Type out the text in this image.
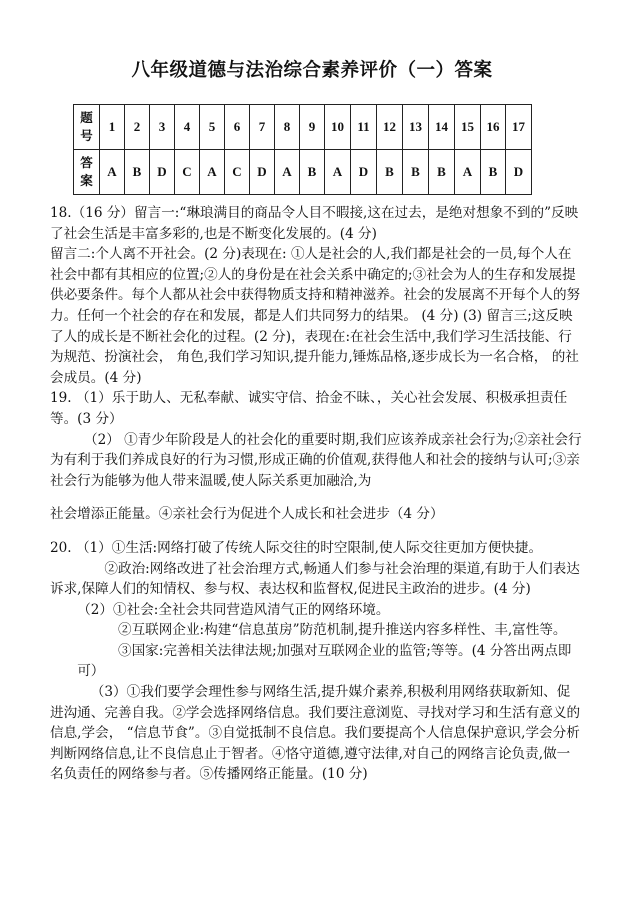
八年级道德与法治综合素养评价（一）答案
题号	1	2	3	4	5	6	7	8	9	10	11	12	13	14	15	16	17
答案	A	B	D	C	A	C	D	A	B	A	D	B	B	B	A	B	D

18.（16 分）留言一:“琳琅满目的商品令人目不暇接,这在过去，是绝对想象不到的”反映了社会生活是丰富多彩的,也是不断变化发展的。(4 分)

留言二:个人离不开社会。(2 分)表现在: ①人是社会的人,我们都是社会的一员,每个人在社会中都有其相应的位置;②人的身份是在社会关系中确定的;③社会为人的生存和发展提供必要条件。每个人都从社会中获得物质支持和精神滋养。社会的发展离不开每个人的努力。任何一个社会的存在和发展，都是人们共同努力的结果。 (4 分) (3) 留言三;这反映了人的成长是不断社会化的过程。(2 分)，表现在:在社会生活中,我们学习生活技能、行为规范、扮演社会， 角色,我们学习知识,提升能力,锤炼品格,逐步成长为一名合格， 的社会成员。(4 分)

19. （1）乐于助人、无私奉献、诚实守信、拾金不昧、，关心社会发展、积极承担责任等。(3 分）

（2） ①青少年阶段是人的社会化的重要时期,我们应该养成亲社会行为;②亲社会行为有利于我们养成良好的行为习惯,形成正确的价值观,获得他人和社会的接纳与认可;③亲社会行为能够为他人带来温暖,使人际关系更加融洽,为

社会增添正能量。④亲社会行为促进个人成长和社会进步（4 分）

20. （1）①生活:网络打破了传统人际交往的时空限制,使人际交往更加方便快捷。

②政治:网络改进了社会治理方式,畅通人们参与社会治理的渠道,有助于人们表达诉求,保障人们的知情权、参与权、表达权和监督权,促进民主政治的进步。(4 分)

（2）①社会:全社会共同营造风清气正的网络环境。

②互联网企业:构建“信息茧房”防范机制,提升推送内容多样性、丰,富性等。

③国家:完善相关法律法规;加强对互联网企业的监管;等等。(4 分答出两点即可）

（3）①我们要学会理性参与网络生活,提升媒介素养,积极利用网络获取新知、促进沟通、完善自我。②学会选择网络信息。我们要注意浏览、寻找对学习和生活有意义的信息,学会， “信息节食”。③自觉抵制不良信息。我们要提高个人信息保护意识,学会分析判断网络信息,让不良信息止于智者。④恪守道德,遵守法律,对自己的网络言论负责,做一名负责任的网络参与者。⑤传播网络正能量。(10 分)
